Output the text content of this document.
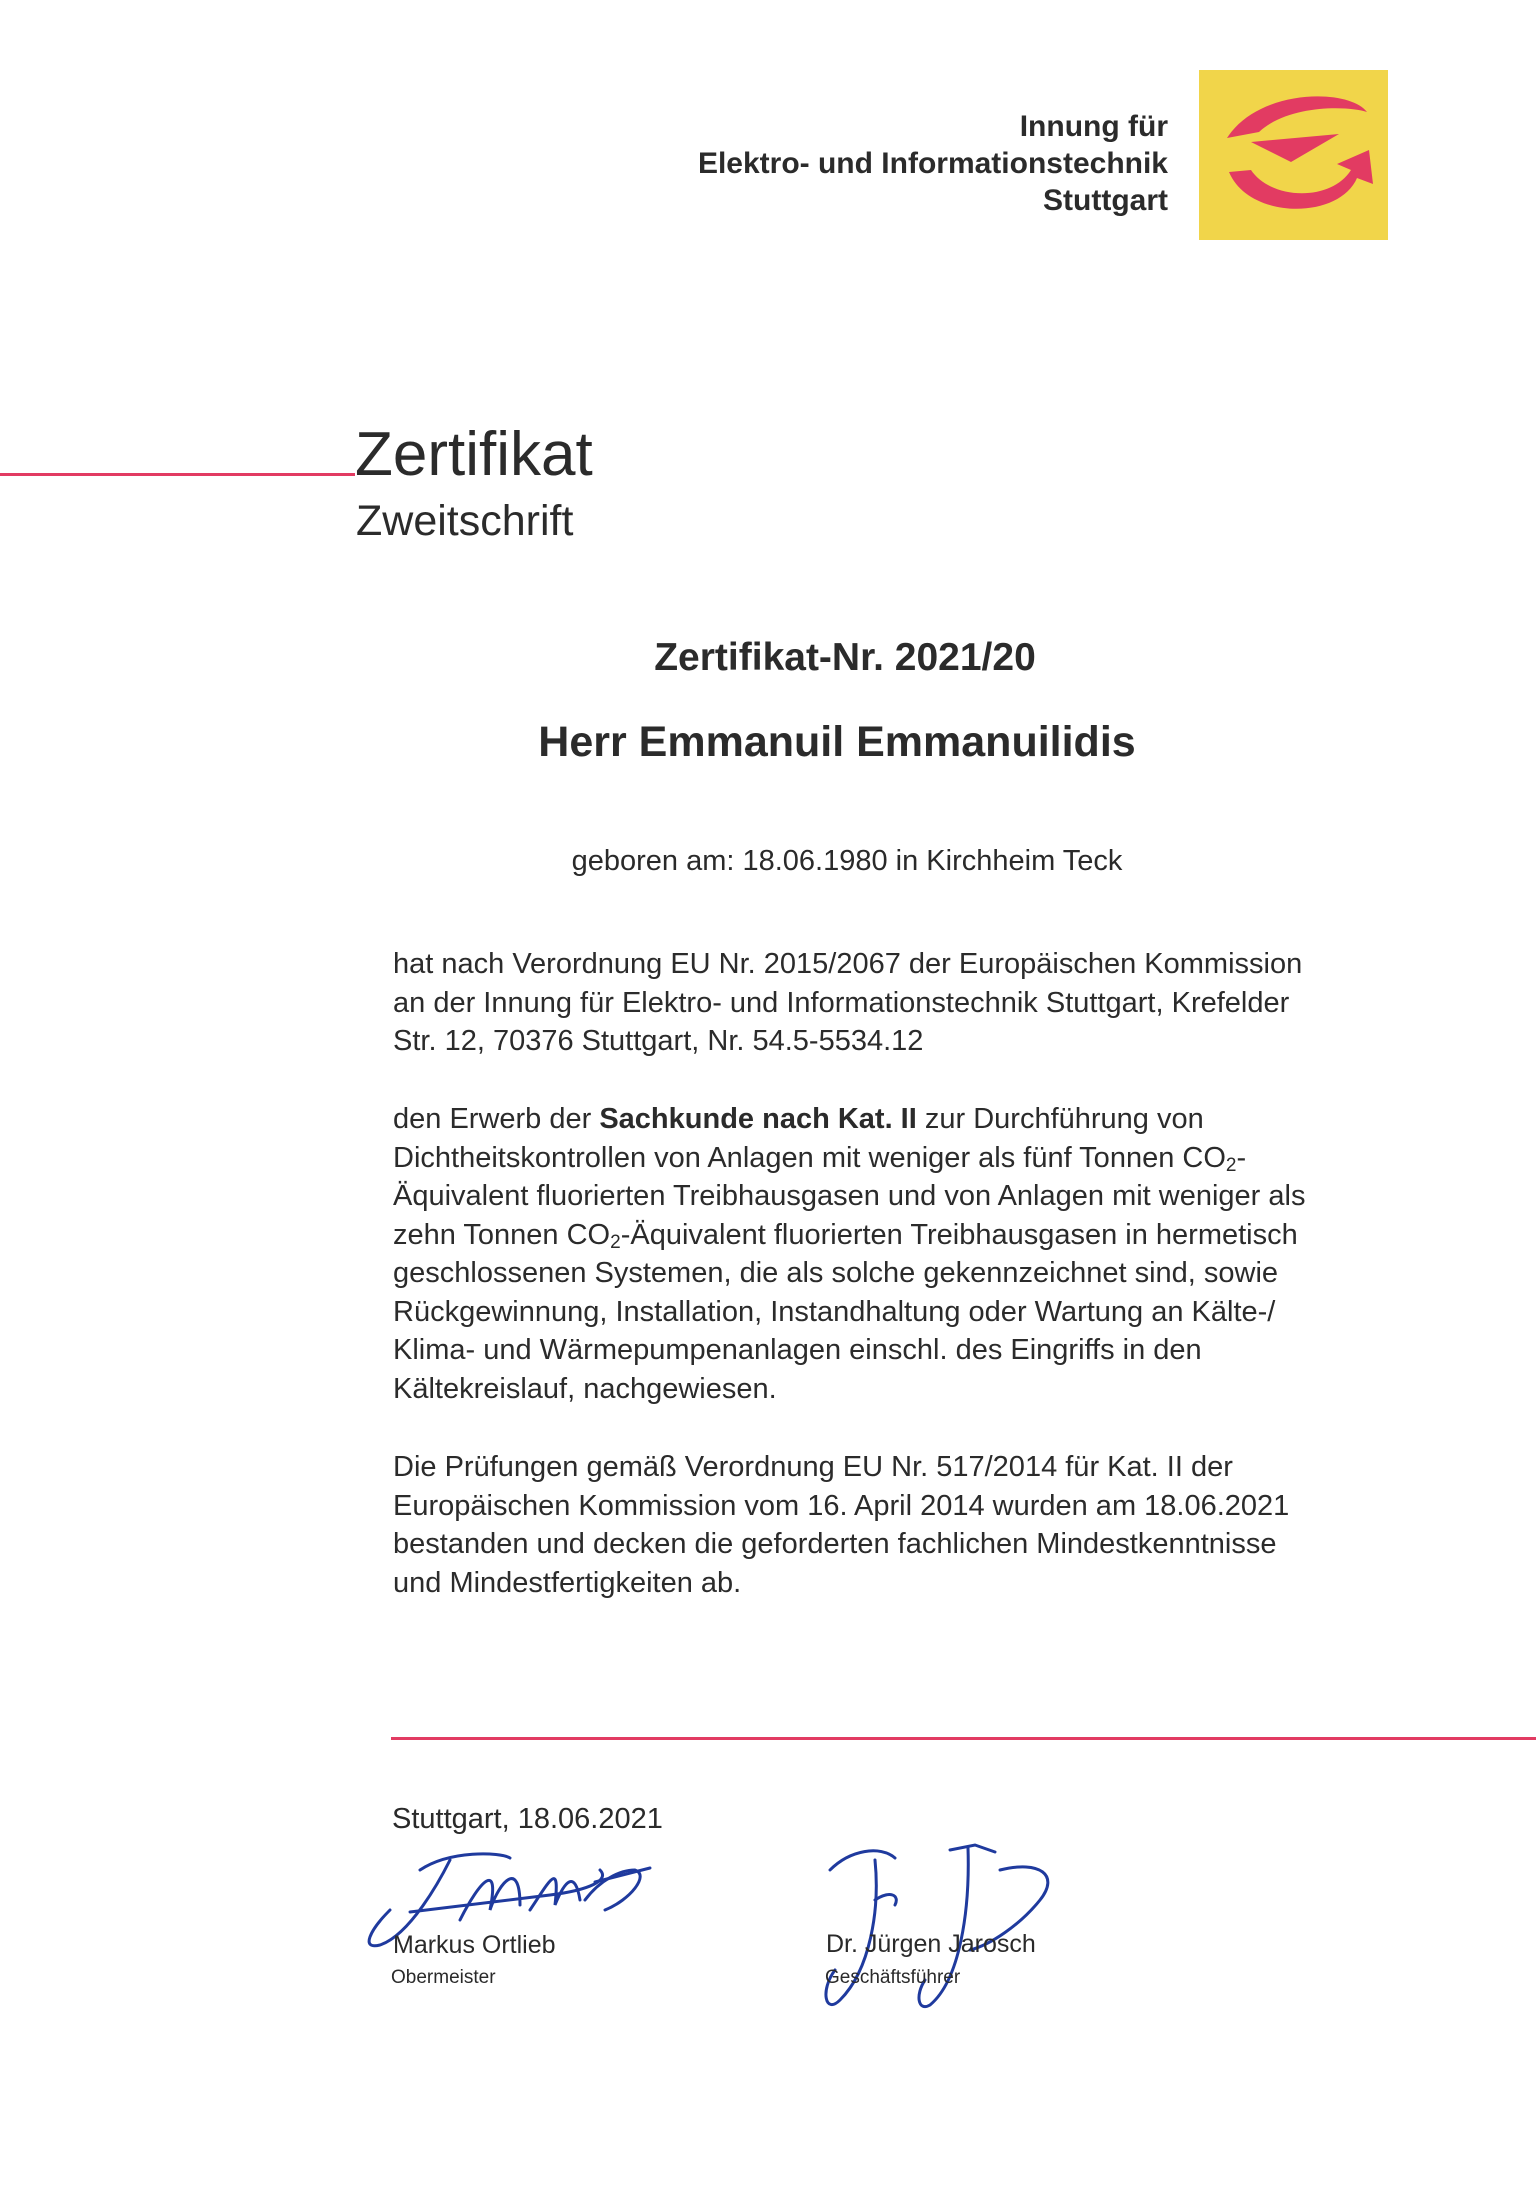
Innung für
Elektro- und Informationstechnik
Stuttgart
Zertifikat
Zweitschrift
Zertifikat-Nr. 2021/20
Herr Emmanuil Emmanuilidis
geboren am: 18.06.1980 in Kirchheim Teck
hat nach Verordnung EU Nr. 2015/2067 der Europäischen Kommission
an der Innung für Elektro- und Informationstechnik Stuttgart, Krefelder
Str. 12, 70376 Stuttgart, Nr. 54.5-5534.12
den Erwerb der Sachkunde nach Kat. II zur Durchführung von
Dichtheitskontrollen von Anlagen mit weniger als fünf Tonnen $CO_2-$
Äquivalent fluorierten Treibhausgasen und von Anlagen mit weniger als
zehn Tonnen $CO_2$-Äquivalent fluorierten Treibhausgasen in hermetisch
geschlossenen Systemen, die als solche gekennzeichnet sind, sowie
Rückgewinnung, Installation, Instandhaltung oder Wartung an Kälte-/
Klima- und Wärmepumpenanlagen einschl. des Eingriffs in den
Kältekreislauf, nachgewiesen.
Die Prüfungen gemäß Verordnung EU Nr. 517/2014 für Kat. II der
Europäischen Kommission vom 16. April 2014 wurden am 18.06.2021
bestanden und decken die geforderten fachlichen Mindestkenntnisse
und Mindestfertigkeiten ab.
Stuttgart, 18.06.2021
Markus Ortlieb
Obermeister
Dr. Jürgen Jarosch
Geschäftsführer
